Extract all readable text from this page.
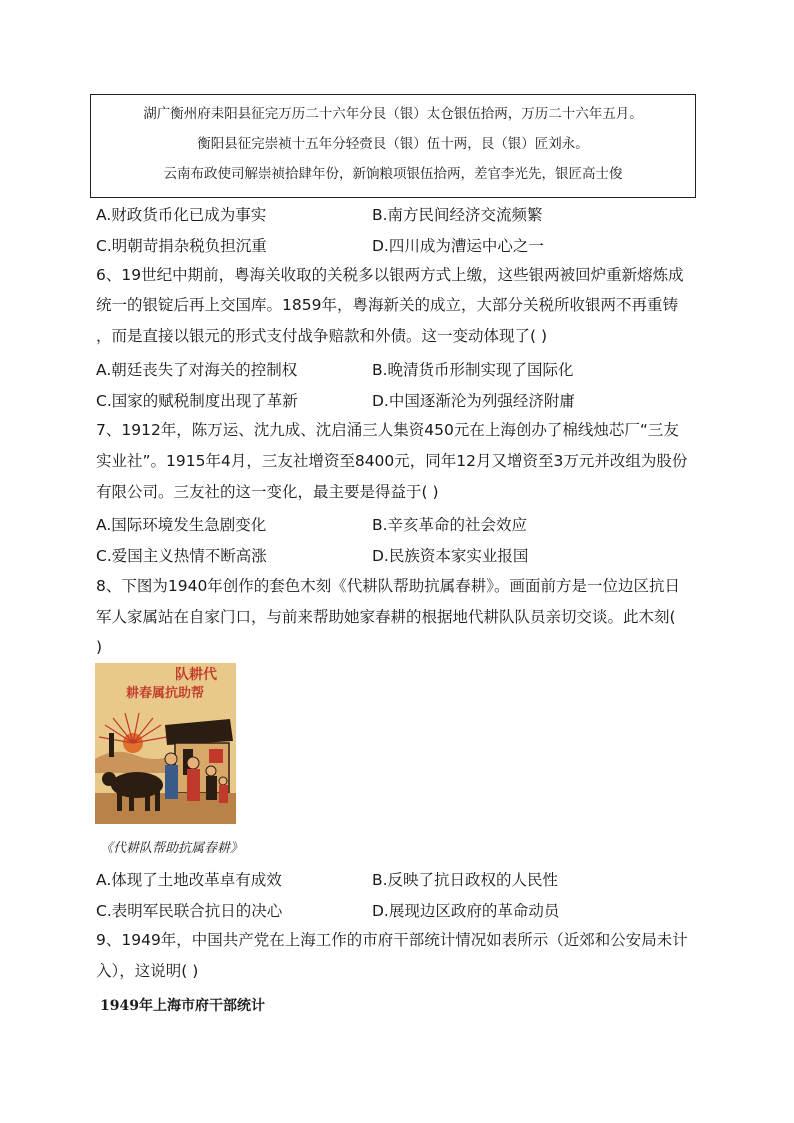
湖广衡州府耒阳县征完万历二十六年分艮（银）太仓银伍拾两，万历二十六年五月。
衡阳县征完崇祯十五年分轻赍艮（银）伍十两，艮（银）匠刘永。
云南布政使司解崇祯拾肆年份，新饷粮项银伍拾两，差官李光先，银匠高士俊
A.财政货币化已成为事实	B.南方民间经济交流频繁
C.明朝苛捐杂税负担沉重	D.四川成为漕运中心之一
6、19世纪中期前，粤海关收取的关税多以银两方式上缴，这些银两被回炉重新熔炼成
统一的银锭后再上交国库。1859年，粤海新关的成立，大部分关税所收银两不再重铸
，而是直接以银元的形式支付战争赔款和外债。这一变动体现了( )
A.朝廷丧失了对海关的控制权	B.晚清货币形制实现了国际化
C.国家的赋税制度出现了革新	D.中国逐渐沦为列强经济附庸
7、1912年，陈万运、沈九成、沈启涌三人集资450元在上海创办了棉线烛芯厂“三友
实业社”。1915年4月，三友社增资至8400元，同年12月又增资至3万元并改组为股份
有限公司。三友社的这一变化，最主要是得益于( )
A.国际环境发生急剧变化	B.辛亥革命的社会效应
C.爱国主义热情不断高涨	D.民族资本家实业报国
8、下图为1940年创作的套色木刻《代耕队帮助抗属春耕》。画面前方是一位边区抗日
军人家属站在自家门口，与前来帮助她家春耕的根据地代耕队队员亲切交谈。此木刻(
)
队耕代
耕春属抗助帮
《代耕队帮助抗属春耕》
A.体现了土地改革卓有成效	B.反映了抗日政权的人民性
C.表明军民联合抗日的决心	D.展现边区政府的革命动员
9、1949年，中国共产党在上海工作的市府干部统计情况如表所示（近郊和公安局未计
入），这说明( )
1949年上海市府干部统计
